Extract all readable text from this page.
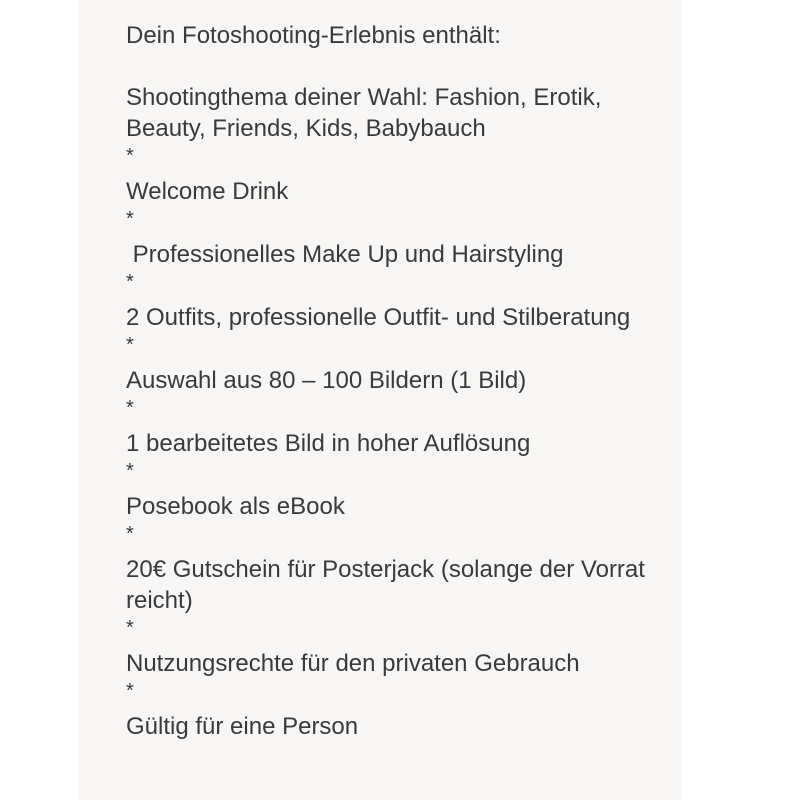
Dein Fotoshooting-Erlebnis enthält:
Shootingthema deiner Wahl: Fashion, Erotik, Beauty, Friends, Kids, Babybauch
*
Welcome Drink
*
Professionelles Make Up und Hairstyling
*
2 Outfits, professionelle Outfit- und Stilberatung
*
Auswahl aus 80 – 100 Bildern (1 Bild)
*
1 bearbeitetes Bild in hoher Auflösung
*
Posebook als eBook
*
20€ Gutschein für Posterjack (solange der Vorrat reicht)
*
Nutzungsrechte für den privaten Gebrauch
*
Gültig für eine Person
